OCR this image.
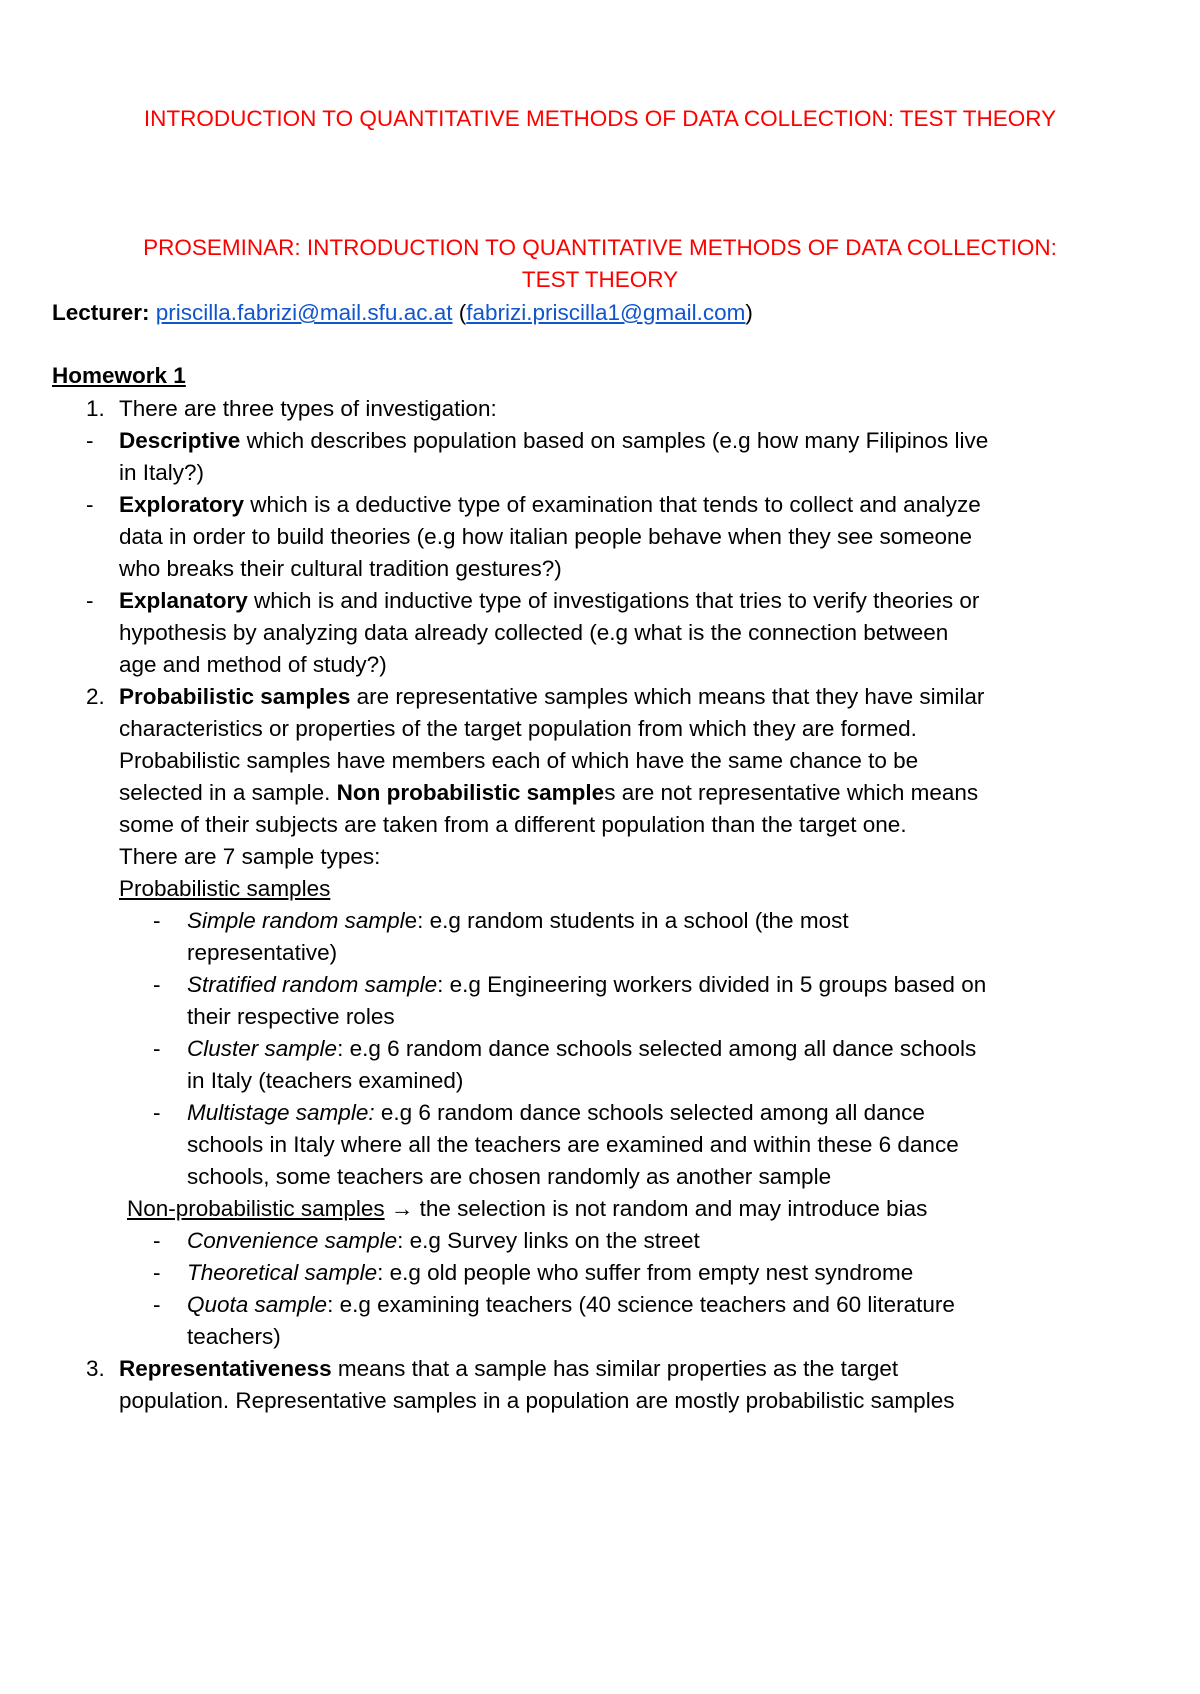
INTRODUCTION TO QUANTITATIVE METHODS OF DATA COLLECTION: TEST THEORY
PROSEMINAR: INTRODUCTION TO QUANTITATIVE METHODS OF DATA COLLECTION:
TEST THEORY
Lecturer: priscilla.fabrizi@mail.sfu.ac.at (fabrizi.priscilla1@gmail.com)
Homework 1
1. There are three types of investigation:
- Descriptive which describes population based on samples (e.g how many Filipinos live
in Italy?)
- Exploratory which is a deductive type of examination that tends to collect and analyze
data in order to build theories (e.g how italian people behave when they see someone
who breaks their cultural tradition gestures?)
- Explanatory which is and inductive type of investigations that tries to verify theories or
hypothesis by analyzing data already collected (e.g what is the connection between
age and method of study?)
2. Probabilistic samples are representative samples which means that they have similar
characteristics or properties of the target population from which they are formed.
Probabilistic samples have members each of which have the same chance to be
selected in a sample. Non probabilistic samples are not representative which means
some of their subjects are taken from a different population than the target one.
There are 7 sample types:
Probabilistic samples
- Simple random sample: e.g random students in a school (the most
representative)
- Stratified random sample: e.g Engineering workers divided in 5 groups based on
their respective roles
- Cluster sample: e.g 6 random dance schools selected among all dance schools
in Italy (teachers examined)
- Multistage sample: e.g 6 random dance schools selected among all dance
schools in Italy where all the teachers are examined and within these 6 dance
schools, some teachers are chosen randomly as another sample
Non-probabilistic samples → the selection is not random and may introduce bias
- Convenience sample: e.g Survey links on the street
- Theoretical sample: e.g old people who suffer from empty nest syndrome
- Quota sample: e.g examining teachers (40 science teachers and 60 literature
teachers)
3. Representativeness means that a sample has similar properties as the target
population. Representative samples in a population are mostly probabilistic samples
